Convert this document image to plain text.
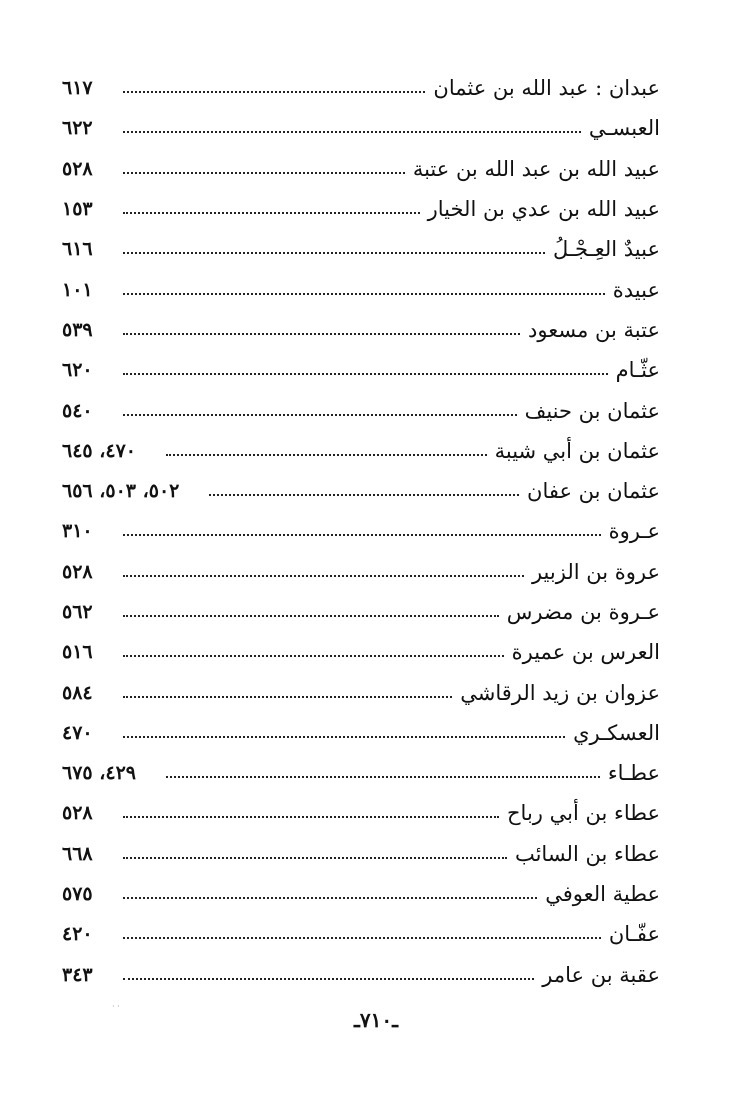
٦١٧	عبدان : عبد الله بن عثمان
٦٢٢	العبسـي
٥٢٨	عبيد الله بن عبد الله بن عتبة
١٥٣	عبيد الله بن عدي بن الخيار
٦١٦	عبيدٌ العِـجْـلُ
١٠١	عبيدة
٥٣٩	عتبة بن مسعود
٦٢٠	عثّـام
٥٤٠	عثمان بن حنيف
٤٧٠، ٦٤٥	عثمان بن أبي شيبة
٥٠٢، ٥٠٣، ٦٥٦	عثمان بن عفان
٣١٠	عـروة
٥٢٨	عروة بن الزبير
٥٦٢	عـروة بن مضرس
٥١٦	العرس بن عميرة
٥٨٤	عزوان بن زيد الرقاشي
٤٧٠	العسكـري
٤٢٩، ٦٧٥	عطـاء
٥٢٨	عطاء بن أبي رباح
٦٦٨	عطاء بن السائب
٥٧٥	عطية العوفي
٤٢٠	عفّـان
٣٤٣	عقبة بن عامر
· ·
ـ٧١٠ـ
